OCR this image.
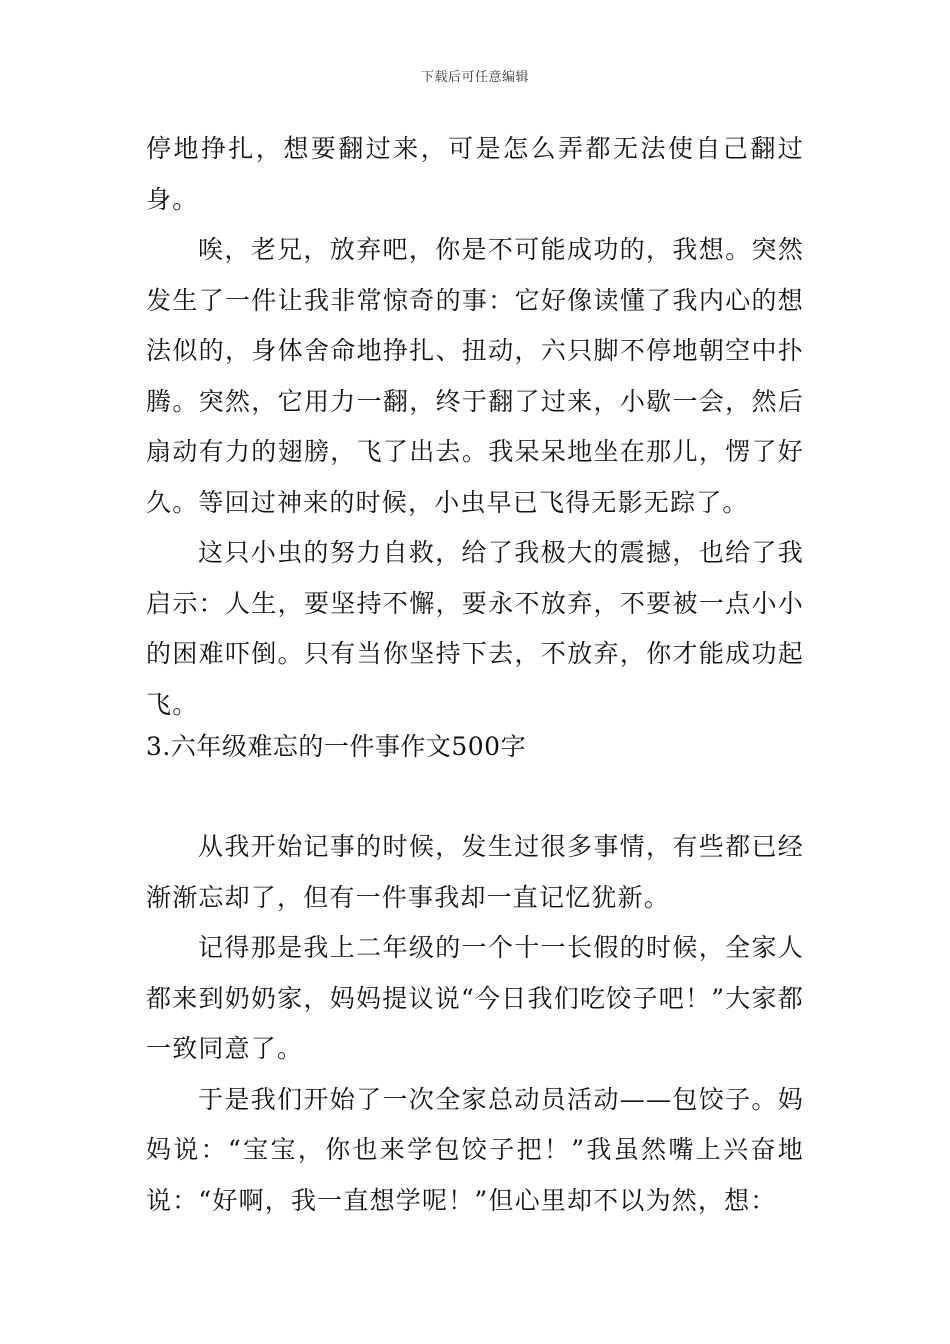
下载后可任意编辑

停地挣扎，想要翻过来，可是怎么弄都无法使自己翻过身。

唉，老兄，放弃吧，你是不可能成功的，我想。突然发生了一件让我非常惊奇的事：它好像读懂了我内心的想法似的，身体舍命地挣扎、扭动，六只脚不停地朝空中扑腾。突然，它用力一翻，终于翻了过来，小歇一会，然后扇动有力的翅膀，飞了出去。我呆呆地坐在那儿，愣了好久。等回过神来的时候，小虫早已飞得无影无踪了。

这只小虫的努力自救，给了我极大的震撼，也给了我启示：人生，要坚持不懈，要永不放弃，不要被一点小小的困难吓倒。只有当你坚持下去，不放弃，你才能成功起飞。

3.六年级难忘的一件事作文500字

从我开始记事的时候，发生过很多事情，有些都已经渐渐忘却了，但有一件事我却一直记忆犹新。

记得那是我上二年级的一个十一长假的时候，全家人都来到奶奶家，妈妈提议说“今日我们吃饺子吧！”大家都一致同意了。

于是我们开始了一次全家总动员活动——包饺子。妈妈说：“宝宝，你也来学包饺子把！”我虽然嘴上兴奋地说：“好啊，我一直想学呢！”但心里却不以为然，想：
